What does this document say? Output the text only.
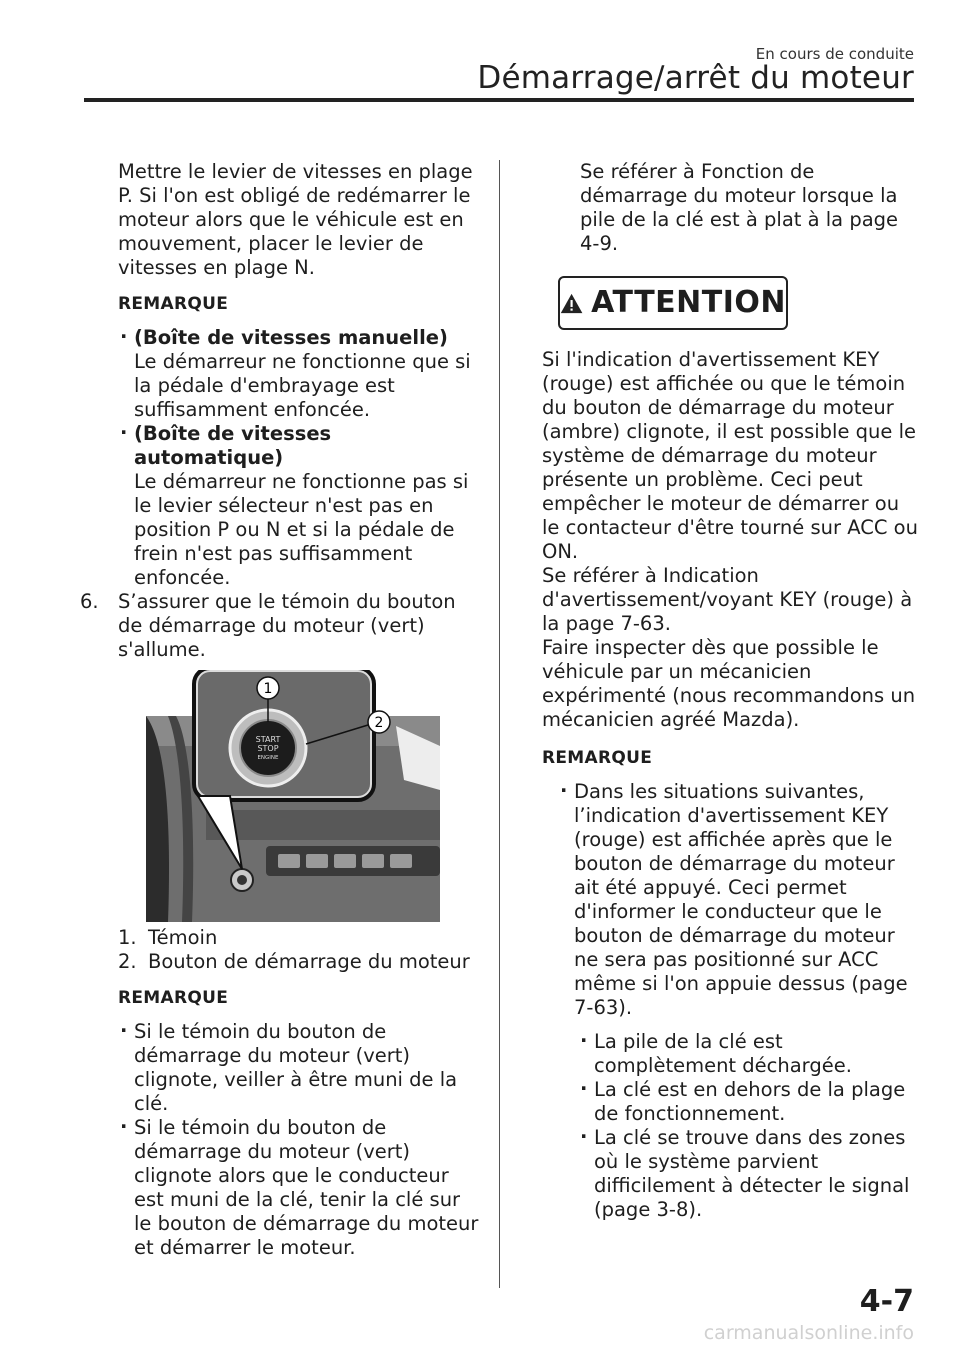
En cours de conduite
Démarrage/arrêt du moteur

Mettre le levier de vitesses en plage P. Si l'on est obligé de redémarrer le moteur alors que le véhicule est en mouvement, placer le levier de vitesses en plage N.

REMARQUE

· (Boîte de vitesses manuelle)
Le démarreur ne fonctionne que si la pédale d'embrayage est suffisamment enfoncée.
· (Boîte de vitesses automatique)
Le démarreur ne fonctionne pas si le levier sélecteur n'est pas en position P ou N et si la pédale de frein n'est pas suffisamment enfoncée.
6. S’assurer que le témoin du bouton de démarrage du moteur (vert) s'allume.
START
STOP
ENGINE
1
2
1. Témoin
2. Bouton de démarrage du moteur

REMARQUE

· Si le témoin du bouton de démarrage du moteur (vert) clignote, veiller à être muni de la clé.
· Si le témoin du bouton de démarrage du moteur (vert) clignote alors que le conducteur est muni de la clé, tenir la clé sur le bouton de démarrage du moteur et démarrer le moteur.

Se référer à Fonction de démarrage du moteur lorsque la pile de la clé est à plat à la page 4-9.

ATTENTION

Si l'indication d'avertissement KEY (rouge) est affichée ou que le témoin du bouton de démarrage du moteur (ambre) clignote, il est possible que le système de démarrage du moteur présente un problème. Ceci peut empêcher le moteur de démarrer ou le contacteur d'être tourné sur ACC ou ON.

Se référer à Indication d'avertissement/voyant KEY (rouge) à la page 7-63.

Faire inspecter dès que possible le véhicule par un mécanicien expérimenté (nous recommandons un mécanicien agréé Mazda).

REMARQUE

· Dans les situations suivantes, l’indication d'avertissement KEY (rouge) est affichée après que le bouton de démarrage du moteur ait été appuyé. Ceci permet d'informer le conducteur que le bouton de démarrage du moteur ne sera pas positionné sur ACC même si l'on appuie dessus (page 7-63).
· La pile de la clé est complètement déchargée.
· La clé est en dehors de la plage de fonctionnement.
· La clé se trouve dans des zones où le système parvient difficilement à détecter le signal (page 3-8).
4-7
carmanualsonline.info
